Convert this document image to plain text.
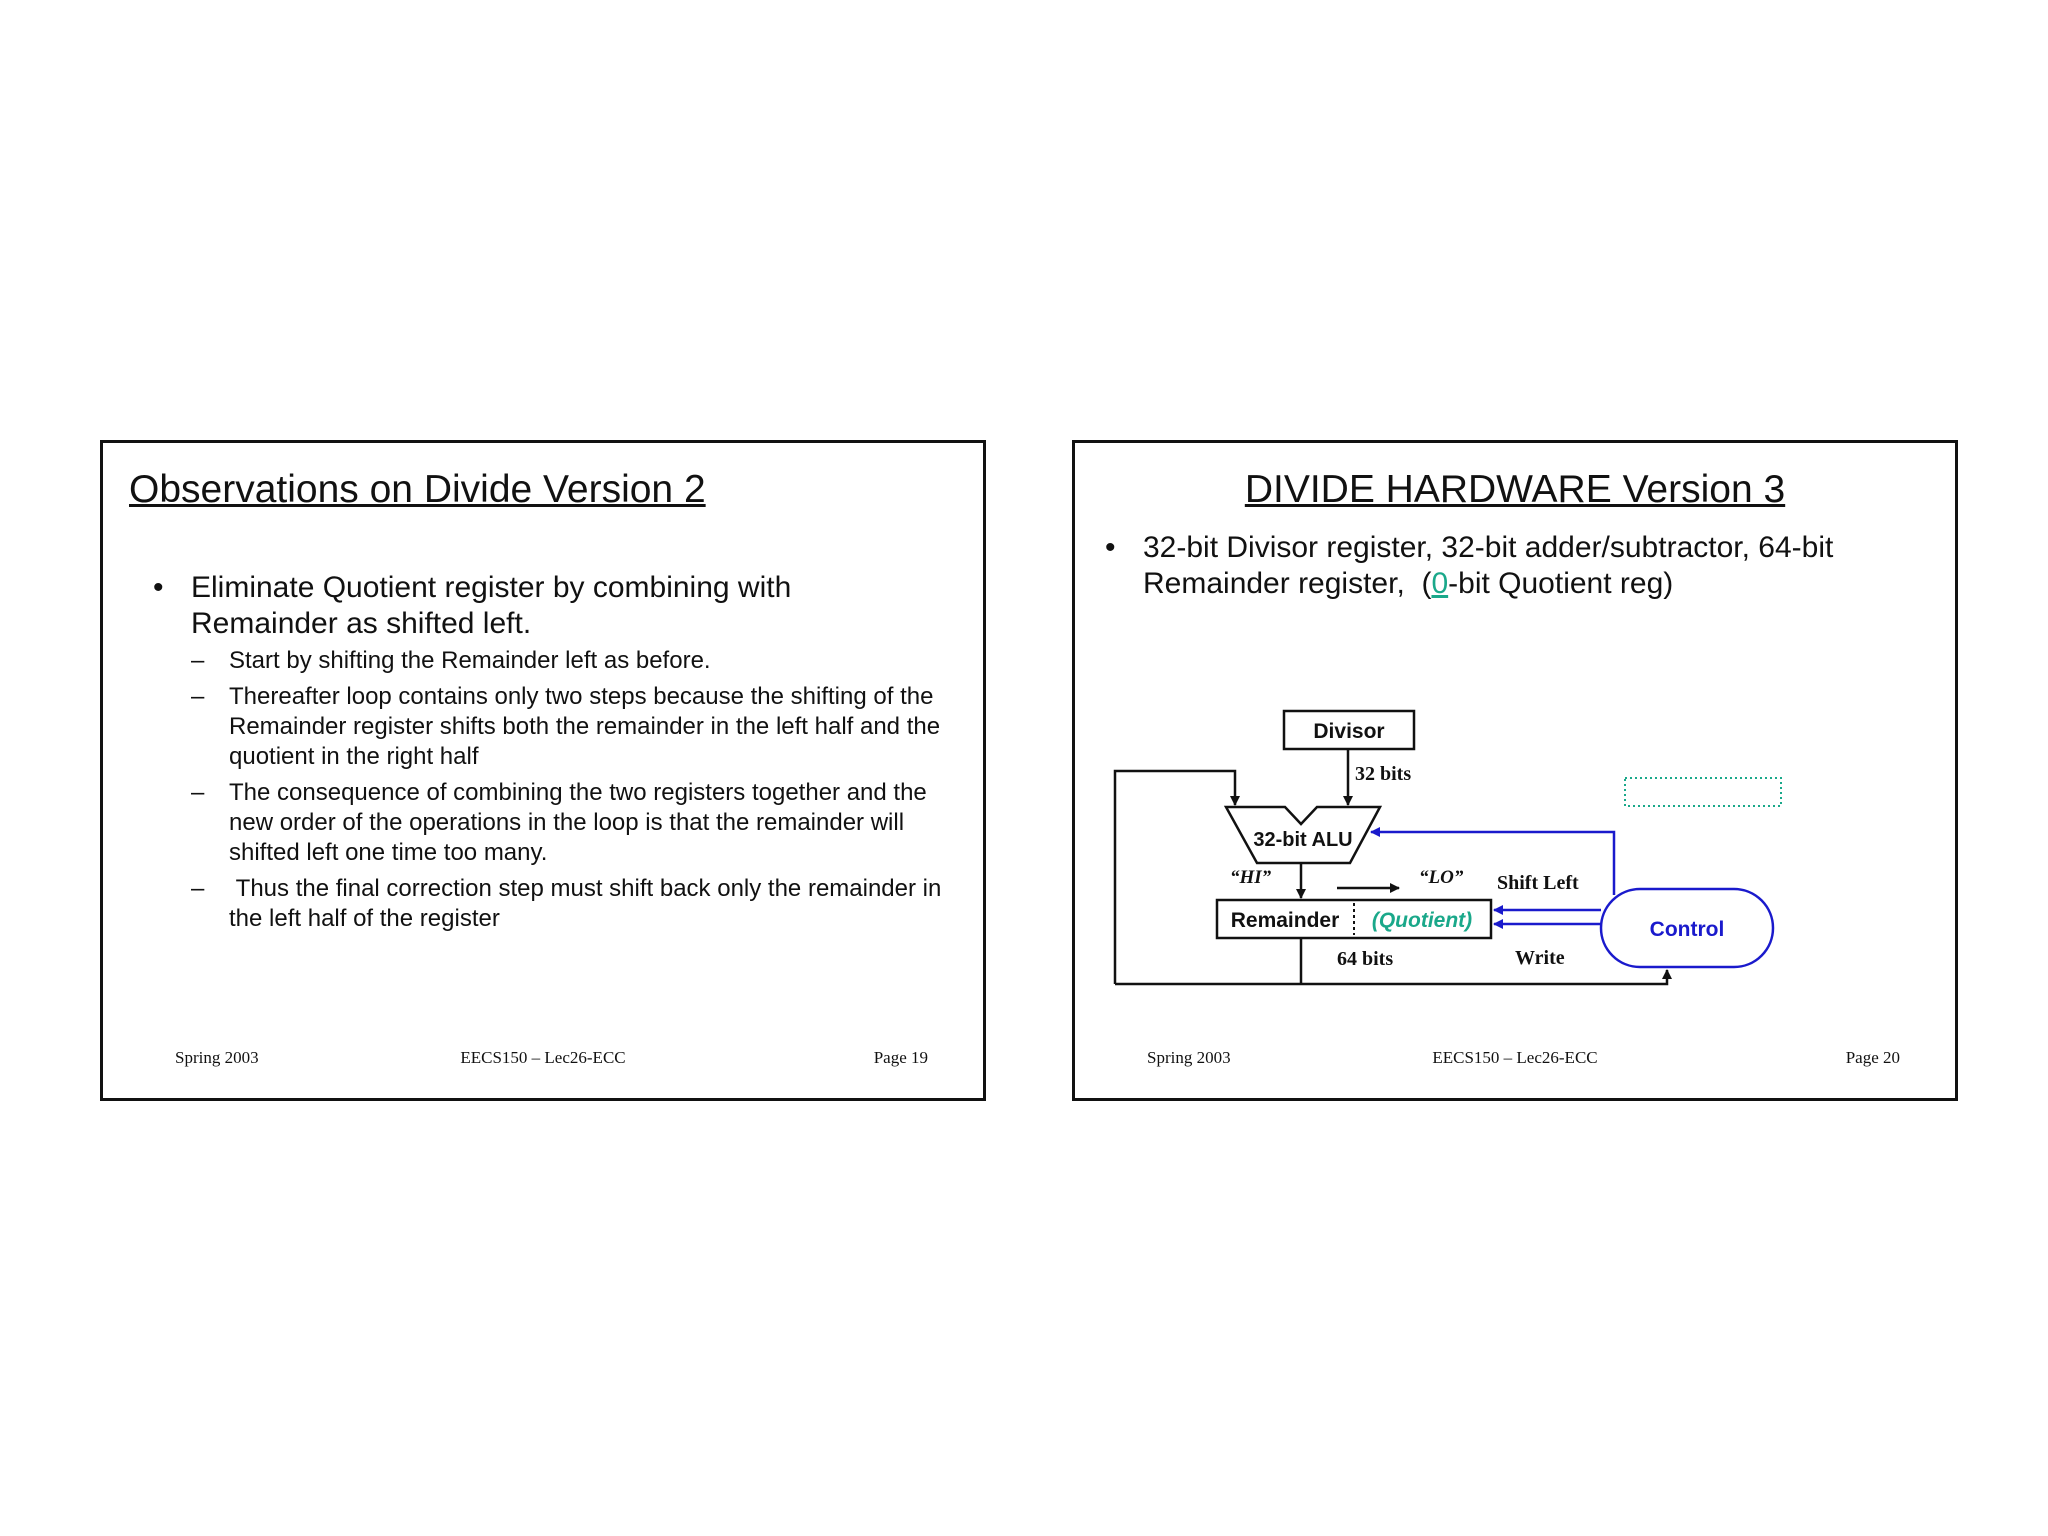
Observations on Divide Version 2
• Eliminate Quotient register by combining with Remainder as shifted left.
– Start by shifting the Remainder left as before.
– Thereafter loop contains only two steps because the shifting of the Remainder register shifts both the remainder in the left half and the quotient in the right half
– The consequence of combining the two registers together and the new order of the operations in the loop is that the remainder will shifted left one time too many.
– Thus the final correction step must shift back only the remainder in the left half of the register
Spring 2003	EECS150 – Lec26-ECC	Page 19
DIVIDE HARDWARE Version 3
• 32-bit Divisor register, 32-bit adder/subtractor, 64-bit Remainder register,  (0-bit Quotient reg)
Divisor
32 bits
32-bit ALU
“HI”	“LO”
Remainder (Quotient)
64 bits
Control
Shift Left
Write
Spring 2003	EECS150 – Lec26-ECC	Page 20
